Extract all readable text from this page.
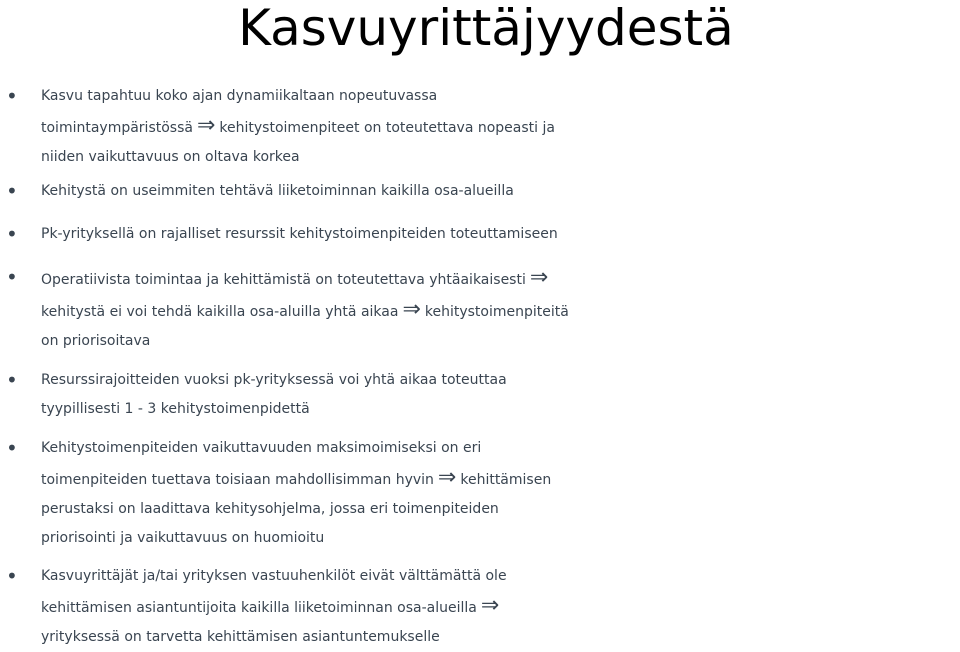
Kasvuyrittäjyydestä
• Kasvu tapahtuu koko ajan dynamiikaltaan nopeutuvassa
toimintaympäristössä ⇒ kehitystoimenpiteet on toteutettava nopeasti ja
niiden vaikuttavuus on oltava korkea
• Kehitystä on useimmiten tehtävä liiketoiminnan kaikilla osa-alueilla
• Pk-yrityksellä on rajalliset resurssit kehitystoimenpiteiden toteuttamiseen
• Operatiivista toimintaa ja kehittämistä on toteutettava yhtäaikaisesti ⇒
kehitystä ei voi tehdä kaikilla osa-aluilla yhtä aikaa ⇒ kehitystoimenpiteitä
on priorisoitava
• Resurssirajoitteiden vuoksi pk-yrityksessä voi yhtä aikaa toteuttaa
tyypillisesti 1 - 3 kehitystoimenpidettä
• Kehitystoimenpiteiden vaikuttavuuden maksimoimiseksi on eri
toimenpiteiden tuettava toisiaan mahdollisimman hyvin ⇒ kehittämisen
perustaksi on laadittava kehitysohjelma, jossa eri toimenpiteiden
priorisointi ja vaikuttavuus on huomioitu
• Kasvuyrittäjät ja/tai yrityksen vastuuhenkilöt eivät välttämättä ole
kehittämisen asiantuntijoita kaikilla liiketoiminnan osa-alueilla ⇒
yrityksessä on tarvetta kehittämisen asiantuntemukselle
